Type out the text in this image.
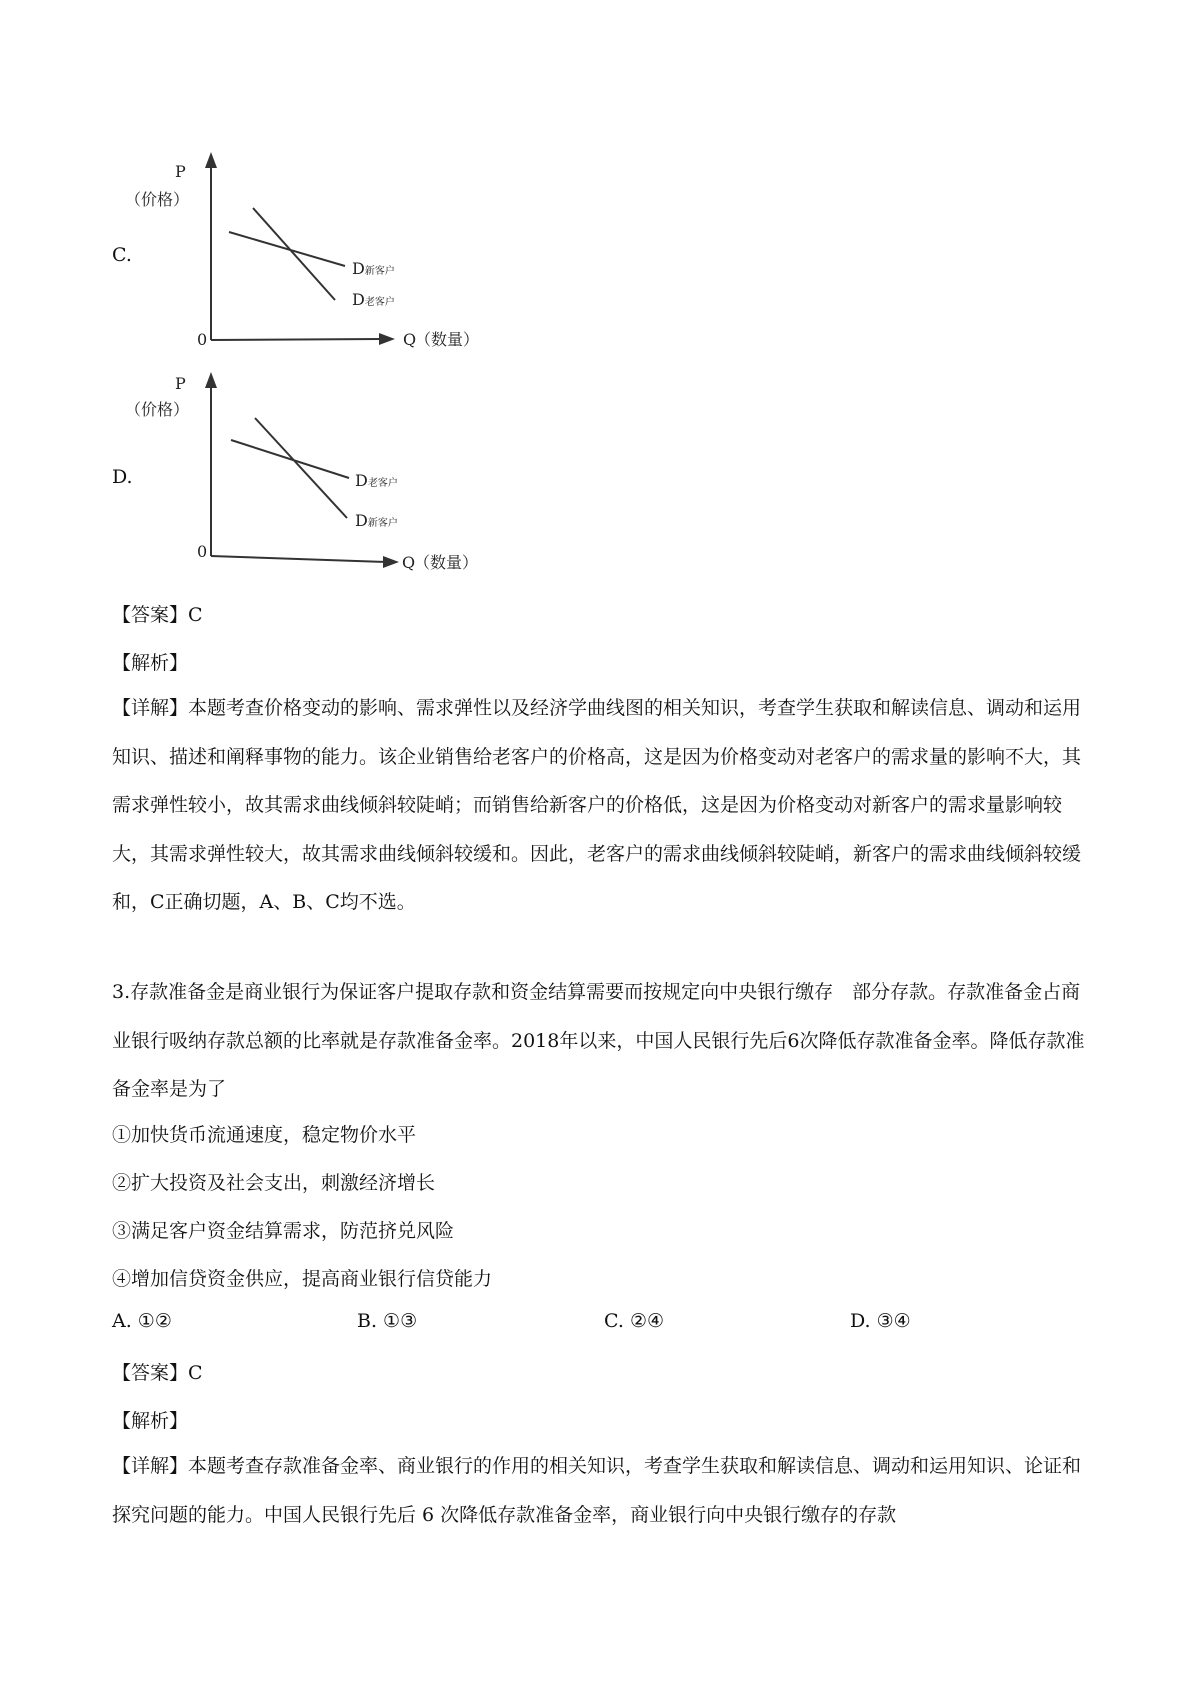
C.
P
（价格）
0	Q
（数量）
D新客户
D老客户
D.
P
（价格）
0
Q
（数量）
D老客户
D新客户
【答案】C
【解析】
【详解】本题考查价格变动的影响、需求弹性以及经济学曲线图的相关知识，考查学生获取和解读信息、调动和运用知识、描述和阐释事物的能力。该企业销售给老客户的价格高，这是因为价格变动对老客户的需求量的影响不大，其需求弹性较小，故其需求曲线倾斜较陡峭；而销售给新客户的价格低，这是因为价格变动对新客户的需求量影响较大，其需求弹性较大，故其需求曲线倾斜较缓和。因此，老客户的需求曲线倾斜较陡峭，新客户的需求曲线倾斜较缓和，C正确切题，A、B、C均不选。
3.存款准备金是商业银行为保证客户提取存款和资金结算需要而按规定向中央银行缴存　部分存款。存款准备金占商业银行吸纳存款总额的比率就是存款准备金率。2018年以来，中国人民银行先后6次降低存款准备金率。降低存款准备金率是为了
①加快货币流通速度，稳定物价水平
②扩大投资及社会支出，刺激经济增长
③满足客户资金结算需求，防范挤兑风险
④增加信贷资金供应，提高商业银行信贷能力
A. ①②	B. ①③	C. ②④	D. ③④
【答案】C
【解析】
【详解】本题考查存款准备金率、商业银行的作用的相关知识，考查学生获取和解读信息、调动和运用知识、论证和探究问题的能力。中国人民银行先后 6 次降低存款准备金率，商业银行向中央银行缴存的存款
